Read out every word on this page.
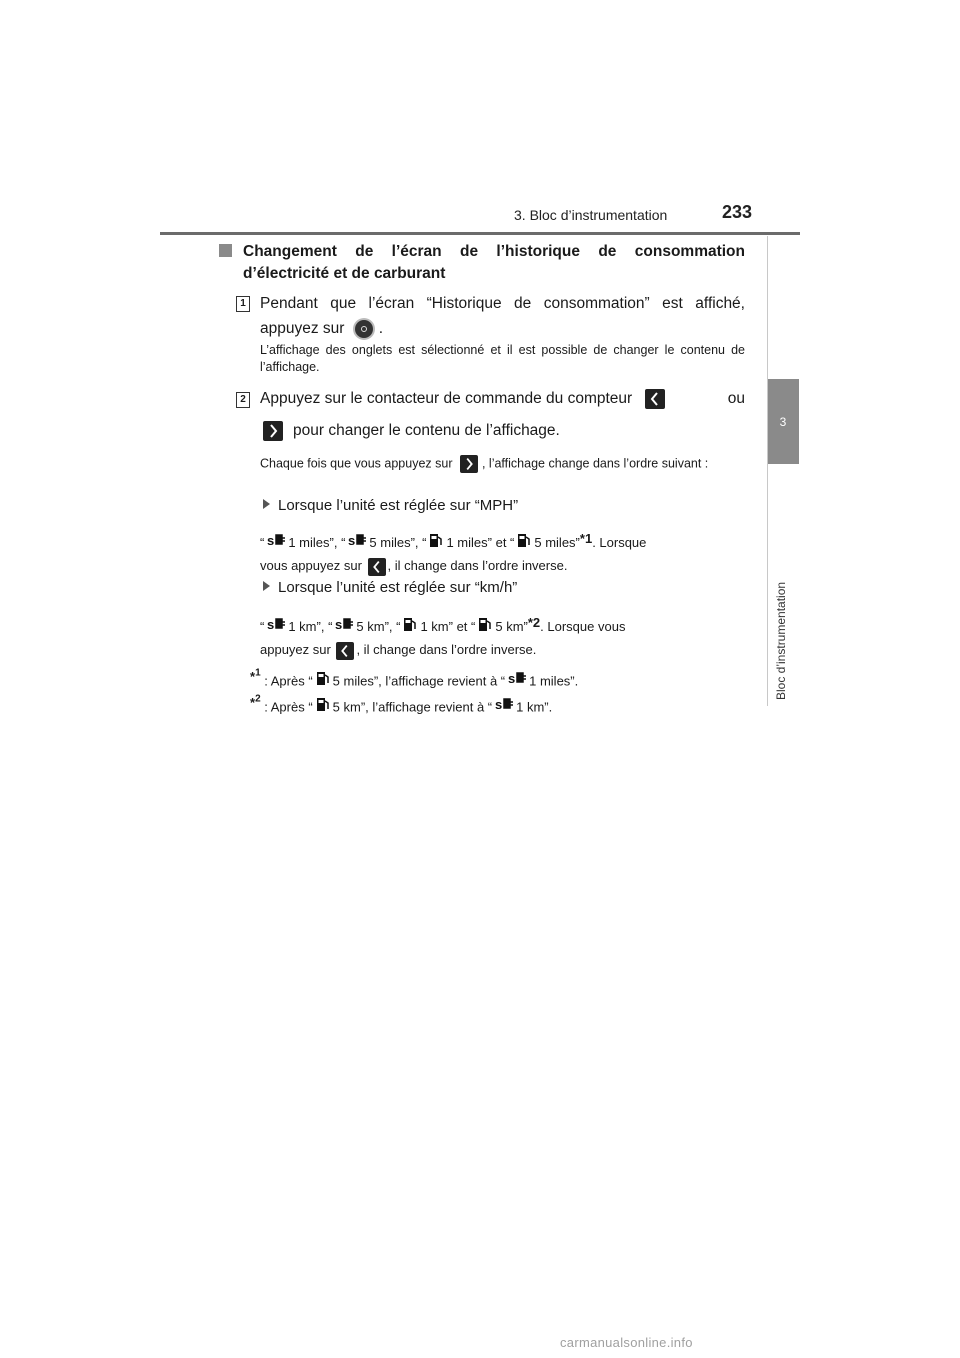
3. Bloc d’instrumentation	233
3
Bloc d’instrumentation
Changement de l’écran de l’historique de consommation d’électricité et de carburant
1 Pendant que l’écran “Historique de consommation” est affiché, appuyez sur .
L’affichage des onglets est sélectionné et il est possible de changer le contenu de l’affichage.
2 Appuyez sur le contacteur de commande du compteur	ou
pour changer le contenu de l’affichage.
Chaque fois que vous appuyez sur , l’affichage change dans l’ordre suivant :
Lorsque l’unité est réglée sur “MPH”
“ s 1 miles”, “ s 5 miles”, “ 1 miles” et “ 5 miles”*1. Lorsque
vous appuyez sur , il change dans l’ordre inverse.
Lorsque l’unité est réglée sur “km/h”
“ s 1 km”, “ s 5 km”, “ 1 km” et “ 5 km”*2. Lorsque vous
appuyez sur , il change dans l’ordre inverse.
*$^1$ : Après “ 5 miles”, l’affichage revient à “ s 1 miles”.
*$^2$ : Après “ 5 km”, l’affichage revient à “ s 1 km”.
carmanualsonline.info
